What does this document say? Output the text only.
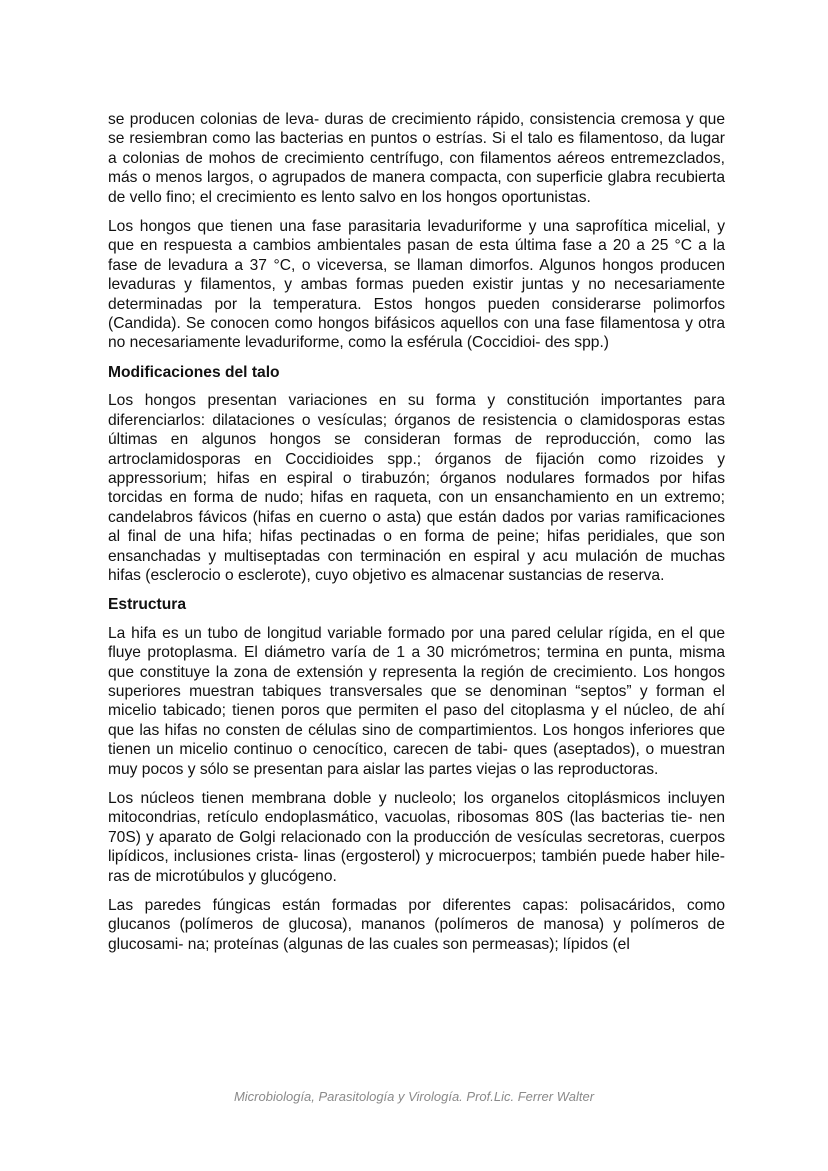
se producen colonias de leva- duras de crecimiento rápido, consistencia cremosa y que se resiembran como las bacterias en puntos o estrías. Si el talo es filamentoso, da lugar a colonias de mohos de crecimiento centrífugo, con filamentos aéreos entremezclados, más o menos largos, o agrupados de manera compacta, con superficie glabra recubierta de vello fino; el crecimiento es lento salvo en los hongos oportunistas.

Los hongos que tienen una fase parasitaria levaduriforme y una saprofítica micelial, y que en respuesta a cambios ambientales pasan de esta última fase a 20 a 25 °C a la fase de levadura a 37 °C, o viceversa, se llaman dimorfos. Algunos hongos producen levaduras y filamentos, y ambas formas pueden existir juntas y no necesariamente determinadas por la temperatura. Estos hongos pueden considerarse polimorfos (Candida). Se conocen como hongos bifásicos aquellos con una fase filamentosa y otra no necesariamente levaduriforme, como la esférula (Coccidioi- des spp.)

Modificaciones del talo

Los hongos presentan variaciones en su forma y constitución importantes para diferenciarlos: dilataciones o vesículas; órganos de resistencia o clamidosporas estas últimas en algunos hongos se consideran formas de reproducción, como las artroclamidosporas en Coccidioides spp.; órganos de fijación como rizoides y appressorium; hifas en espiral o tirabuzón; órganos nodulares formados por hifas torcidas en forma de nudo; hifas en raqueta, con un ensanchamiento en un extremo; candelabros fávicos (hifas en cuerno o asta) que están dados por varias ramificaciones al final de una hifa; hifas pectinadas o en forma de peine; hifas peridiales, que son ensanchadas y multiseptadas con terminación en espiral y acu mulación de muchas hifas (esclerocio o esclerote), cuyo objetivo es almacenar sustancias de reserva.

Estructura

La hifa es un tubo de longitud variable formado por una pared celular rígida, en el que fluye protoplasma. El diámetro varía de 1 a 30 micrómetros; termina en punta, misma que constituye la zona de extensión y representa la región de crecimiento. Los hongos superiores muestran tabiques transversales que se denominan “septos” y forman el micelio tabicado; tienen poros que permiten el paso del citoplasma y el núcleo, de ahí que las hifas no consten de células sino de compartimientos. Los hongos inferiores que tienen un micelio continuo o cenocítico, carecen de tabi- ques (aseptados), o muestran muy pocos y sólo se presentan para aislar las partes viejas o las reproductoras.

Los núcleos tienen membrana doble y nucleolo; los organelos citoplásmicos incluyen mitocondrias, retículo endoplasmático, vacuolas, ribosomas 80S (las bacterias tie- nen 70S) y aparato de Golgi relacionado con la producción de vesículas secretoras, cuerpos lipídicos, inclusiones crista- linas (ergosterol) y microcuerpos; también puede haber hile- ras de microtúbulos y glucógeno.

Las paredes fúngicas están formadas por diferentes capas: polisacáridos, como glucanos (polímeros de glucosa), mananos (polímeros de manosa) y polímeros de glucosami- na; proteínas (algunas de las cuales son permeasas); lípidos (el

Microbiología, Parasitología y Virología. Prof.Lic. Ferrer Walter
